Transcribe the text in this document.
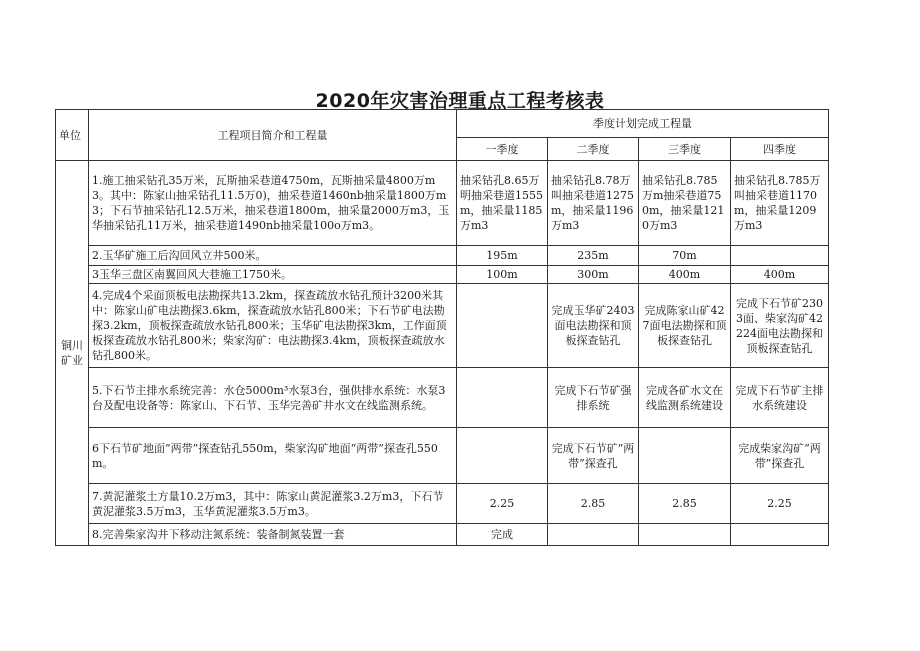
2020年灾害治理重点工程考核表
单位	工程项目简介和工程量	季度计划完成工程量			
		一季度	二季度	三季度	四季度
铜川矿业	1.施工抽采钻孔35万米，瓦斯抽采巷道4750m，瓦斯抽采量4800万m3。其中：陈家山抽采钻孔11.5万0)，抽采巷道1460nb抽采量1800万m3；下石节抽采钻孔12.5万米，抽采巷道1800m，抽采量2000万m3，玉华抽采钻孔11万米，抽采巷道1490nb抽采量100o万m3。	抽采钻孔8.65万明抽采巷道1555m，抽采量1185万m3	抽采钻孔8.78万叫抽采巷道1275m，抽采量1196万m3	抽采钻孔8.785万m抽采巷道750m，抽采量1210万m3	抽采钻孔8.785万叫抽采巷道1170m，抽采量1209万m3
	2.玉华矿施工后沟回风立井500米。	195m	235m	70m	
	3玉华三盘区南翼回风大巷施工1750米。	100m	300m	400m	400m
	4.完成4个采面顶板电法勘探共13.2km，探查疏放水钻孔预计3200米其中：陈家山矿电法勘探3.6km，探查疏放水钻孔800米；下石节矿电法勘探3.2km，顶板探查疏放水钻孔800米；玉华矿电法勘探3km，工作面顶板探查疏放水钻孔800米；柴家沟矿：电法勘探3.4km，顶板探查疏放水钻孔800米。		完成玉华矿2403面电法勘探和顶板探查钻孔	完成陈家山矿427面电法勘探和顶板探查钻孔	完成下石节矿2303面、柴家沟矿42224面电法勘探和顶板探查钻孔
	5.下石节主排水系统完善：水仓5000m³水泵3台，强供排水系统：水泵3台及配电设备等：陈家山、下石节、玉华完善矿井水文在线监测系统。		完成下石节矿强排系统	完成各矿水文在线监测系统建设	完成下石节矿主排水系统建设
	6下石节矿地面”两带”探查钻孔550m，柴家沟矿地面“两带”探查孔550m。		完成下石节矿“两带”探查孔		完成柴家沟矿“两带”探查孔
	7.黄泥灌浆土方量10.2万m3，其中：陈家山黄泥灌浆3.2万m3，下石节黄泥灌浆3.5万m3，玉华黄泥灌浆3.5万m3。	2.25	2.85	2.85	2.25
	8.完善柴家沟井下移动注氮系统：装备制氮装置一套	完成			
